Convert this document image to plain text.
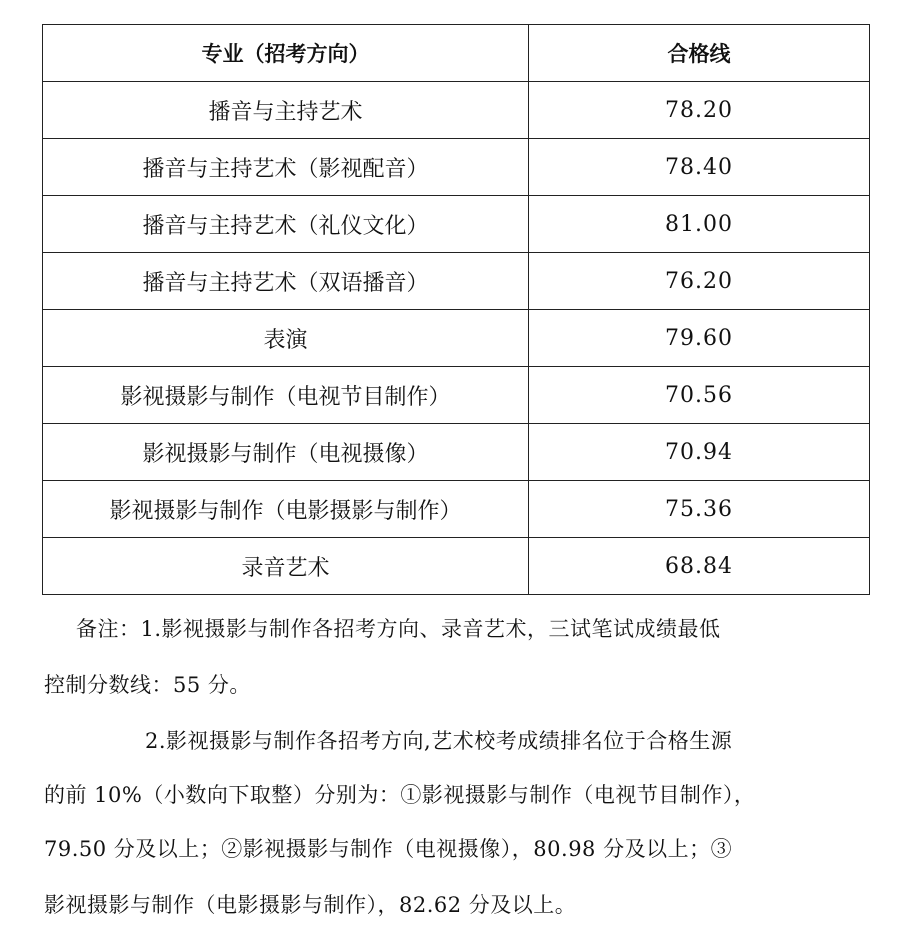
专业（招考方向）	合格线
播音与主持艺术	78.20
播音与主持艺术（影视配音）	78.40
播音与主持艺术（礼仪文化）	81.00
播音与主持艺术（双语播音）	76.20
表演	79.60
影视摄影与制作（电视节目制作）	70.56
影视摄影与制作（电视摄像）	70.94
影视摄影与制作（电影摄影与制作）	75.36
录音艺术	68.84
备注：1.影视摄影与制作各招考方向、录音艺术，三试笔试成绩最低
控制分数线：55 分。
2.影视摄影与制作各招考方向,艺术校考成绩排名位于合格生源
的前 10%（小数向下取整）分别为：①影视摄影与制作（电视节目制作），
79.50 分及以上；②影视摄影与制作（电视摄像），80.98 分及以上；③
影视摄影与制作（电影摄影与制作），82.62 分及以上。
